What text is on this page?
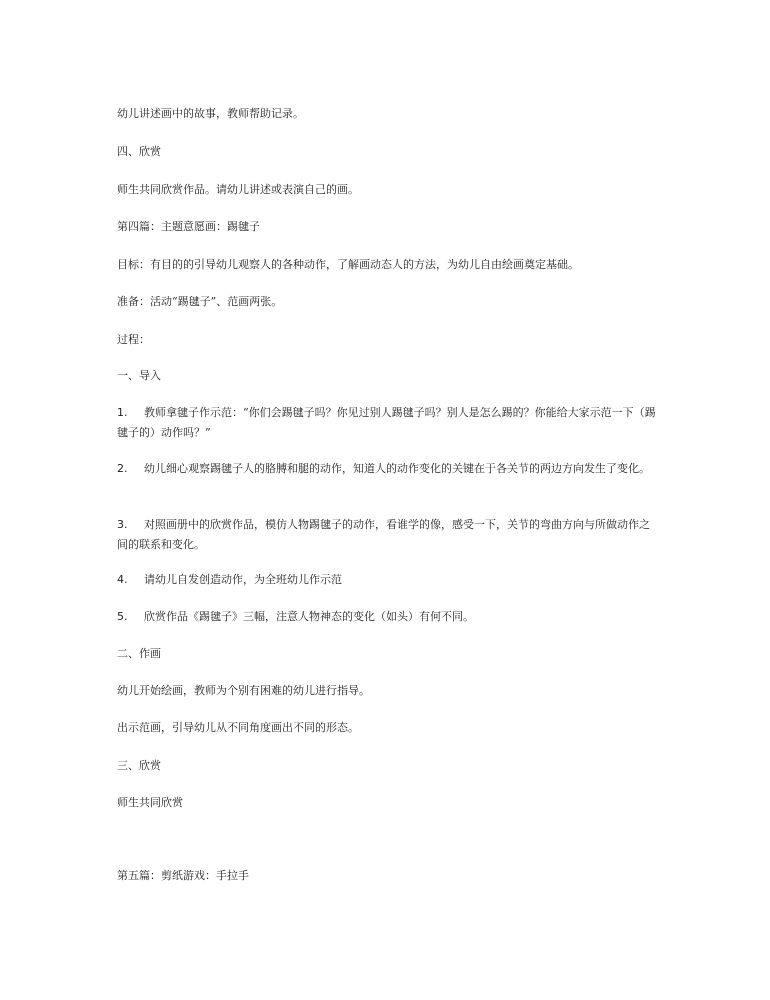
幼儿讲述画中的故事，教师帮助记录。

四、欣赏

师生共同欣赏作品。请幼儿讲述或表演自己的画。

第四篇：主题意愿画：踢毽子

目标：有目的的引导幼儿观察人的各种动作，了解画动态人的方法，为幼儿自由绘画奠定基础。

准备：活动“踢毽子”、范画两张。

过程：

一、导入

1. 教师拿毽子作示范：“你们会踢毽子吗？你见过别人踢毽子吗？别人是怎么踢的？你能给大家示范一下（踢毽子的）动作吗？”

2. 幼儿细心观察踢毽子人的胳膊和腿的动作，知道人的动作变化的关键在于各关节的两边方向发生了变化。

3. 对照画册中的欣赏作品，模仿人物踢毽子的动作，看谁学的像，感受一下，关节的弯曲方向与所做动作之间的联系和变化。

4. 请幼儿自发创造动作，为全班幼儿作示范

5. 欣赏作品《踢毽子》三幅，注意人物神态的变化（如头）有何不同。

二、作画

幼儿开始绘画，教师为个别有困难的幼儿进行指导。

出示范画，引导幼儿从不同角度画出不同的形态。

三、欣赏

师生共同欣赏

第五篇：剪纸游戏：手拉手
